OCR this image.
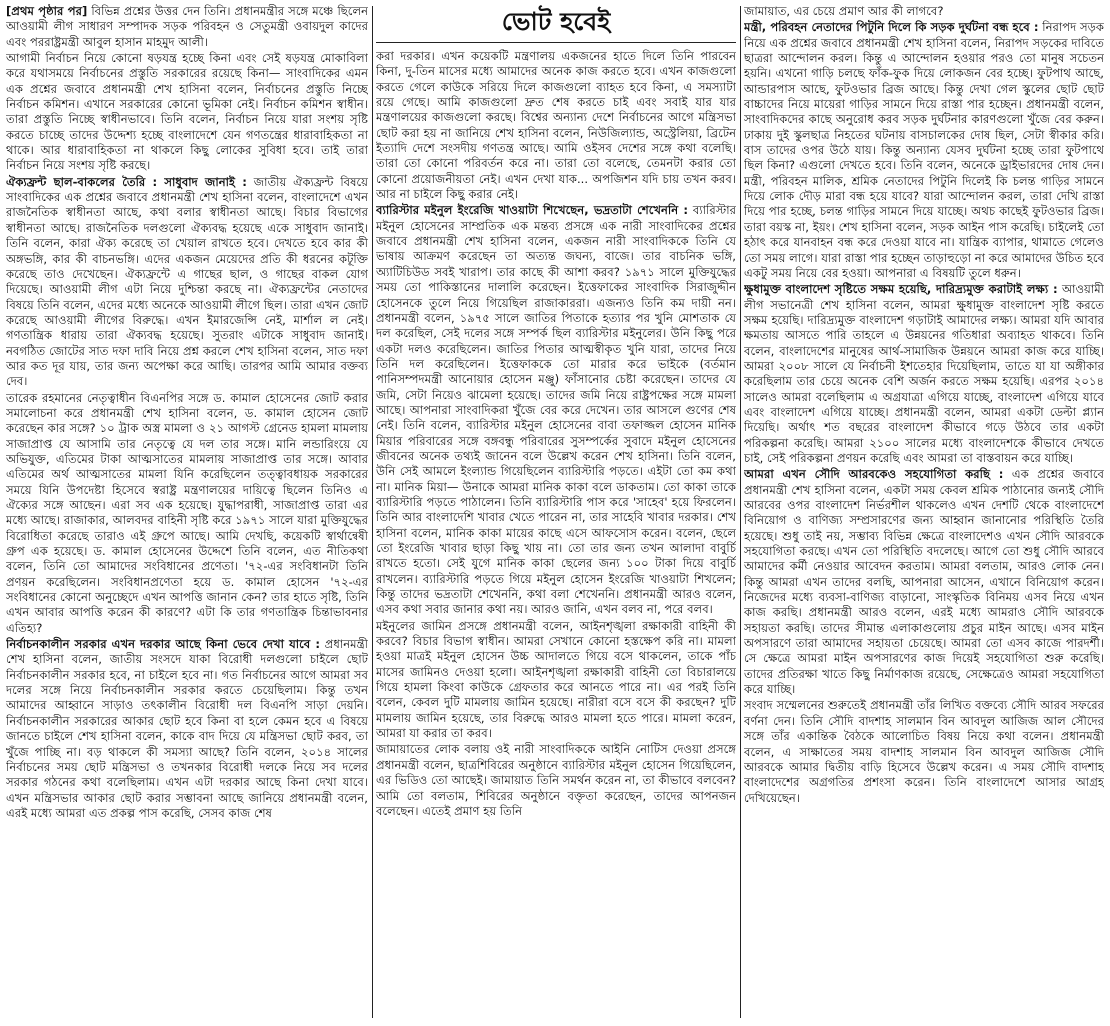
[প্রথম পৃষ্ঠার পর] বিভিন্ন প্রশ্নের উত্তর দেন তিনি। প্রধানমন্ত্রীর সঙ্গে মঞ্চে ছিলেন আওয়ামী লীগ সাধারণ সম্পাদক সড়ক পরিবহন ও সেতুমন্ত্রী ওবায়দুল কাদের এবং পররাষ্ট্রমন্ত্রী আবুল হাসান মাহমুদ আলী।

আগামী নির্বাচন নিয়ে কোনো ষড়যন্ত্র হচ্ছে কিনা এবং সেই ষড়যন্ত্র মোকাবিলা করে যথাসময়ে নির্বাচনের প্রস্তুতি সরকারের রয়েছে কিনা— সাংবাদিকের এমন এক প্রশ্নের জবাবে প্রধানমন্ত্রী শেখ হাসিনা বলেন, নির্বাচনের প্রস্তুতি নিচ্ছে নির্বাচন কমিশন। এখানে সরকারের কোনো ভূমিকা নেই। নির্বাচন কমিশন স্বাধীন। তারা প্রস্তুতি নিচ্ছে স্বাধীনভাবে। তিনি বলেন, নির্বাচন নিয়ে যারা সংশয় সৃষ্টি করতে চাচ্ছে তাদের উদ্দেশ্য হচ্ছে বাংলাদেশে যেন গণতন্ত্রের ধারাবাহিকতা না থাকে। আর ধারাবাহিকতা না থাকলে কিছু লোকের সুবিধা হবে। তাই তারা নির্বাচন নিয়ে সংশয় সৃষ্টি করছে।

ঐক্যফ্রন্ট ছাল-বাকলের তৈরি : সাধুবাদ জানাই : জাতীয় ঐক্যফ্রন্ট বিষয়ে সাংবাদিকের এক প্রশ্নের জবাবে প্রধানমন্ত্রী শেখ হাসিনা বলেন, বাংলাদেশে এখন রাজনৈতিক স্বাধীনতা আছে, কথা বলার স্বাধীনতা আছে। বিচার বিভাগের স্বাধীনতা আছে। রাজনৈতিক দলগুলো ঐক্যবদ্ধ হয়েছে একে সাধুবাদ জানাই। তিনি বলেন, কারা ঐক্য করেছে তা খেয়াল রাখতে হবে। দেখতে হবে কার কী অঙ্গভঙ্গি, কার কী বাচনভঙ্গি। এদের একজন মেয়েদের প্রতি কী ধরনের কটূক্তি করেছে তাও দেখেছেন। ঐক্যফ্রন্টে এ গাছের ছাল, ও গাছের বাকল যোগ দিয়েছে। আওয়ামী লীগ এটা নিয়ে দুশ্চিন্তা করছে না। ঐক্যফ্রন্টের নেতাদের বিষয়ে তিনি বলেন, এদের মধ্যে অনেকে আওয়ামী লীগে ছিল। তারা এখন জোট করেছে আওয়ামী লীগের বিরুদ্ধে। এখন ইমারজেন্সি নেই, মার্শাল ল নেই। গণতান্ত্রিক ধারায় তারা ঐক্যবদ্ধ হয়েছে। সুতরাং এটাকে সাধুবাদ জানাই। নবগঠিত জোটের সাত দফা দাবি নিয়ে প্রশ্ন করলে শেখ হাসিনা বলেন, সাত দফা আর কত দূর যায়, তার জন্য অপেক্ষা করে আছি। তারপর আমি আমার বক্তব্য দেব।

তারেক রহমানের নেতৃত্বাধীন বিএনপির সঙ্গে ড. কামাল হোসেনের জোট করার সমালোচনা করে প্রধানমন্ত্রী শেখ হাসিনা বলেন, ড. কামাল হোসেন জোট করেছেন কার সঙ্গে? ১০ ট্রাক অস্ত্র মামলা ও ২১ আগস্ট গ্রেনেড হামলা মামলায় সাজাপ্রাপ্ত যে আসামি তার নেতৃত্বে যে দল তার সঙ্গে। মানি লন্ডারিংয়ে যে অভিযুক্ত, এতিমের টাকা আত্মসাতের মামলায় সাজাপ্রাপ্ত তার সঙ্গে। আবার এতিমের অর্থ আত্মসাতের মামলা যিনি করেছিলেন তত্ত্বাবধায়ক সরকারের সময়ে যিনি উপদেষ্টা হিসেবে স্বরাষ্ট্র মন্ত্রণালয়ের দায়িত্বে ছিলেন তিনিও এ ঐক্যের সঙ্গে আছেন। এরা সব এক হয়েছে। যুদ্ধাপরাধী, সাজাপ্রাপ্ত তারা এর মধ্যে আছে। রাজাকার, আলবদর বাহিনী সৃষ্টি করে ১৯৭১ সালে যারা মুক্তিযুদ্ধের বিরোধিতা করেছে তারাও এই গ্রুপে আছে। আমি দেখছি, কয়েকটি স্বার্থান্বেষী গ্রুপ এক হয়েছে। ড. কামাল হোসেনের উদ্দেশে তিনি বলেন, এত নীতিকথা বলেন, তিনি তো আমাদের সংবিধানের প্রণেতা। '৭২-এর সংবিধানটা তিনি প্রণয়ন করেছিলেন। সংবিধানপ্রণেতা হয়ে ড. কামাল হোসেন '৭২-এর সংবিধানের কোনো অনুচ্ছেদে এখন আপত্তি জানান কেন? তার হাতে সৃষ্টি, তিনি এখন আবার আপত্তি করেন কী কারণে? এটা কি তার গণতান্ত্রিক চিন্তাভাবনার এতিহ্য?

নির্বাচনকালীন সরকার এখন দরকার আছে কিনা ভেবে দেখা যাবে : প্রধানমন্ত্রী শেখ হাসিনা বলেন, জাতীয় সংসদে যাকা বিরোধী দলগুলো চাইলে ছোট নির্বাচনকালীন সরকার হবে, না চাইলে হবে না। গত নির্বাচনের আগে আমরা সব দলের সঙ্গে নিয়ে নির্বাচনকালীন সরকার করতে চেয়েছিলাম। কিন্তু তখন আমাদের আহ্বানে সাড়াও তৎকালীন বিরোধী দল বিএনপি সাড়া দেয়নি। নির্বাচনকালীন সরকারের আকার ছোট হবে কিনা বা হলে কেমন হবে এ বিষয়ে জানতে চাইলে শেখ হাসিনা বলেন, কাকে বাদ দিয়ে যে মন্ত্রিসভা ছোট করব, তা খুঁজে পাচ্ছি না। বড় থাকলে কী সমস্যা আছে? তিনি বলেন, ২০১৪ সালের নির্বাচনের সময় ছোট মন্ত্রিসভা ও তখনকার বিরোধী দলকে নিয়ে সব দলের সরকার গঠনের কথা বলেছিলাম। এখন এটা দরকার আছে কিনা দেখা যাবে। এখন মন্ত্রিসভার আকার ছোট করার সম্ভাবনা আছে জানিয়ে প্রধানমন্ত্রী বলেন, এরই মধ্যে আমরা এত প্রকল্প পাস করেছি, সেসব কাজ শেষ

ভোট হবেই

করা দরকার। এখন কয়েকটি মন্ত্রণালয় একজনের হাতে দিলে তিনি পারবেন কিনা, দু-তিন মাসের মধ্যে আমাদের অনেক কাজ করতে হবে। এখন কাজগুলো করতে গেলে কাউকে সরিয়ে দিলে কাজগুলো ব্যাহত হবে কিনা, এ সমস্যাটা রয়ে গেছে। আমি কাজগুলো দ্রুত শেষ করতে চাই এবং সবাই যার যার মন্ত্রণালয়ের কাজগুলো করছে। বিশ্বের অন্যান্য দেশে নির্বাচনের আগে মন্ত্রিসভা ছোট করা হয় না জানিয়ে শেখ হাসিনা বলেন, নিউজিল্যান্ড, অস্ট্রেলিয়া, ব্রিটেন ইত্যাদি দেশে সংসদীয় গণতন্ত্র আছে। আমি ওইসব দেশের সঙ্গে কথা বলেছি। তারা তো কোনো পরিবর্তন করে না। তারা তো বলেছে, তেমনটা করার তো কোনো প্রয়োজনীয়তা নেই। এখন দেখা যাক... অপজিশন যদি চায় তখন করব। আর না চাইলে কিছু করার নেই।

ব্যারিস্টার মইনুল ইংরেজি খাওয়াটা শিখেছেন, ভদ্রতাটা শেখেননি : ব্যারিস্টার মইনুল হোসেনের সাম্প্রতিক এক মন্তব্য প্রসঙ্গে এক নারী সাংবাদিকের প্রশ্নের জবাবে প্রধানমন্ত্রী শেখ হাসিনা বলেন, একজন নারী সাংবাদিককে তিনি যে ভাষায় আক্রমণ করেছেন তা অত্যন্ত জঘন্য, বাজে। তার বাচনিক ভঙ্গি, অ্যাটিচিউড সবই খারাপ। তার কাছে কী আশা করব? ১৯৭১ সালে মুক্তিযুদ্ধের সময় তো পাকিস্তানের দালালি করেছেন। ইত্তেফাকের সাংবাদিক সিরাজুদ্দীন হোসেনকে তুলে নিয়ে গিয়েছিল রাজাকাররা। এজন্যও তিনি কম দায়ী নন। প্রধানমন্ত্রী বলেন, ১৯৭৫ সালে জাতির পিতাকে হত্যার পর খুনি মোশতাক যে দল করেছিল, সেই দলের সঙ্গে সম্পর্ক ছিল ব্যারিস্টার মইনুলের। উনি কিছু পরে একটা দলও করেছিলেন। জাতির পিতার আত্মস্বীকৃত খুনি যারা, তাদের নিয়ে তিনি দল করেছিলেন। ইত্তেফাককে তো মারার করে ভাইকে (বর্তমান পানিসম্পদমন্ত্রী আনোয়ার হোসেন মঞ্জু) ফাঁসানোর চেষ্টা করেছেন। তাদের যে জমি, সেটা নিয়েও ঝামেলা হয়েছে। তাদের জমি নিয়ে রাষ্ট্রপক্ষের সঙ্গে মামলা আছে। আপনারা সাংবাদিকরা খুঁজে বের করে দেখেন। তার আসলে গুণের শেষ নেই। তিনি বলেন, ব্যারিস্টার মইনুল হোসেনের বাবা তফাজ্জল হোসেন মানিক মিয়ার পরিবারের সঙ্গে বঙ্গবন্ধু পরিবারের সুসম্পর্কের সুবাদে মইনুল হোসেনের জীবনের অনেক তথ্যই জানেন বলে উল্লেখ করেন শেখ হাসিনা। তিনি বলেন, উনি সেই আমলে ইংল্যান্ড গিয়েছিলেন ব্যারিস্টারি পড়তে। এইটা তো কম কথা না। মানিক মিয়া— উনাকে আমরা মানিক কাকা বলে ডাকতাম। তো কাকা তাকে ব্যারিস্টারি পড়তে পাঠালেন। তিনি ব্যারিস্টারি পাস করে 'সাহেব' হয়ে ফিরলেন। তিনি আর বাংলাদেশি খাবার খেতে পারেন না, তার সাহেবি খাবার দরকার। শেখ হাসিনা বলেন, মানিক কাকা মায়ের কাছে এসে আফসোস করেন। বলেন, ছেলে তো ইংরেজি খাবার ছাড়া কিছু খায় না। তো তার জন্য তখন আলাদা বাবুর্চি রাখতে হতো। সেই যুগে মানিক কাকা ছেলের জন্য ১০০ টাকা দিয়ে বাবুর্চি রাখলেন। ব্যারিস্টারি পড়তে গিয়ে মইনুল হোসেন ইংরেজি খাওয়াটা শিখলেন; কিন্তু তাদের ভদ্রতাটা শেখেননি, কথা বলা শেখেননি। প্রধানমন্ত্রী আরও বলেন, এসব কথা সবার জানার কথা নয়। আরও জানি, এখন বলব না, পরে বলব।

মইনুলের জামিন প্রসঙ্গে প্রধানমন্ত্রী বলেন, আইনশৃঙ্খলা রক্ষাকারী বাহিনী কী করবে? বিচার বিভাগ স্বাধীন। আমরা সেখানে কোনো হস্তক্ষেপ করি না। মামলা হওয়া মাত্রই মইনুল হোসেন উচ্চ আদালতে গিয়ে বসে থাকলেন, তাকে পাঁচ মাসের জামিনও দেওয়া হলো। আইনশৃঙ্খলা রক্ষাকারী বাহিনী তো বিচারালয়ে গিয়ে হামলা কিংবা কাউকে গ্রেফতার করে আনতে পারে না। এর পরই তিনি বলেন, কেবল দুটি মামলায় জামিন হয়েছে। নারীরা বসে বসে কী করছেন? দুটি মামলায় জামিন হয়েছে, তার বিরুদ্ধে আরও মামলা হতে পারে। মামলা করেন, আমরা যা করার তা করব।

জামায়াতের লোক বলায় ওই নারী সাংবাদিককে আইনি নোটিস দেওয়া প্রসঙ্গে প্রধানমন্ত্রী বলেন, ছাত্রশিবিরের অনুষ্ঠানে ব্যারিস্টার মইনুল হোসেন গিয়েছিলেন, এর ভিডিও তো আছেই। জামায়াত তিনি সমর্থন করেন না, তা কীভাবে বলবেন? আমি তো বলতাম, শিবিরের অনুষ্ঠানে বক্তৃতা করেছেন, তাদের আপনজন বলেছেন। এতেই প্রমাণ হয় তিনি

জামায়াত, এর চেয়ে প্রমাণ আর কী লাগবে?

মন্ত্রী, পরিবহন নেতাদের পিটুনি দিলে কি সড়ক দুর্ঘটনা বন্ধ হবে : নিরাপদ সড়ক নিয়ে এক প্রশ্নের জবাবে প্রধানমন্ত্রী শেখ হাসিনা বলেন, নিরাপদ সড়কের দাবিতে ছাত্ররা আন্দোলন করল। কিন্তু এ আন্দোলন হওয়ার পরও তো মানুষ সচেতন হয়নি। এখনো গাড়ি চলছে ফাঁক-ফুক দিয়ে লোকজন বের হচ্ছে। ফুটপাথ আছে, আন্ডারপাস আছে, ফুটওভার ব্রিজ আছে। কিন্তু দেখা গেল স্কুলের ছোট ছোট বাচ্চাদের নিয়ে মায়েরা গাড়ির সামনে দিয়ে রাস্তা পার হচ্ছেন। প্রধানমন্ত্রী বলেন, সাংবাদিকদের কাছে অনুরোধ করব সড়ক দুর্ঘটনার কারণগুলো খুঁজে বের করুন। ঢাকায় দুই স্কুলছাত্র নিহতের ঘটনায় বাসচালকের দোষ ছিল, সেটা স্বীকার করি। বাস তাদের ওপর উঠে যায়। কিন্তু অন্যান্য যেসব দুর্ঘটনা হচ্ছে তারা ফুটপাথে ছিল কিনা? এগুলো দেখতে হবে। তিনি বলেন, অনেকে ড্রাইভারদের দোষ দেন। মন্ত্রী, পরিবহন মালিক, শ্রমিক নেতাদের পিটুনি দিলেই কি চলন্ত গাড়ির সামনে দিয়ে লোক দৌড় মারা বন্ধ হয়ে যাবে? যারা আন্দোলন করল, তারা দেখি রাস্তা দিয়ে পার হচ্ছে, চলন্ত গাড়ির সামনে দিয়ে যাচ্ছে। অথচ কাছেই ফুটওভার ব্রিজ। তারা বয়স্ক না, ইয়ং। শেখ হাসিনা বলেন, সড়ক আইন পাস করেছি। চাইলেই তো হঠাৎ করে যানবাহন বন্ধ করে দেওয়া যাবে না। যান্ত্রিক ব্যাপার, থামাতে গেলেও তো সময় লাগে। যারা রাস্তা পার হচ্ছেন তাড়াহুড়ো না করে আমাদের উচিত হবে একটু সময় নিয়ে বের হওয়া। আপনারা এ বিষয়টি তুলে ধরুন।

ক্ষুধামুক্ত বাংলাদেশ সৃষ্টিতে সক্ষম হয়েছি, দারিদ্র্যমুক্ত করাটাই লক্ষ্য : আওয়ামী লীগ সভানেত্রী শেখ হাসিনা বলেন, আমরা ক্ষুধামুক্ত বাংলাদেশ সৃষ্টি করতে সক্ষম হয়েছি। দারিদ্র্যমুক্ত বাংলাদেশ গড়াটাই আমাদের লক্ষ্য। আমরা যদি আবার ক্ষমতায় আসতে পারি তাহলে এ উন্নয়নের গতিধারা অব্যাহত থাকবে। তিনি বলেন, বাংলাদেশের মানুষের আর্থ-সামাজিক উন্নয়নে আমরা কাজ করে যাচ্ছি। আমরা ২০০৮ সালে যে নির্বাচনী ইশতেহার দিয়েছিলাম, তাতে যা যা অঙ্গীকার করেছিলাম তার চেয়ে অনেক বেশি অর্জন করতে সক্ষম হয়েছি। এরপর ২০১৪ সালেও আমরা বলেছিলাম এ অগ্রযাত্রা এগিয়ে যাচ্ছে, বাংলাদেশ এগিয়ে যাবে এবং বাংলাদেশ এগিয়ে যাচ্ছে। প্রধানমন্ত্রী বলেন, আমরা একটা ডেল্টা প্ল্যান দিয়েছি। অর্থাৎ শত বছরের বাংলাদেশ কীভাবে গড়ে উঠবে তার একটা পরিকল্পনা করেছি। আমরা ২১০০ সালের মধ্যে বাংলাদেশকে কীভাবে দেখতে চাই, সেই পরিকল্পনা প্রণয়ন করেছি এবং আমরা তা বাস্তবায়ন করে যাচ্ছি।

আমরা এখন সৌদি আরবকেও সহযোগিতা করছি : এক প্রশ্নের জবাবে প্রধানমন্ত্রী শেখ হাসিনা বলেন, একটা সময় কেবল শ্রমিক পাঠানোর জন্যই সৌদি আরবের ওপর বাংলাদেশ নির্ভরশীল থাকলেও এখন দেশটি থেকে বাংলাদেশে বিনিয়োগ ও বাণিজ্য সম্প্রসারণের জন্য আহ্বান জানানোর পরিস্থিতি তৈরি হয়েছে। শুধু তাই নয়, সম্ভাব্য বিভিন্ন ক্ষেত্রে বাংলাদেশও এখন সৌদি আরবকে সহযোগিতা করছে। এখন তো পরিস্থিতি বদলেছে। আগে তো শুধু সৌদি আরবে আমাদের কর্মী নেওয়ার আবেদন করতাম। আমরা বলতাম, আরও লোক নেন। কিন্তু আমরা এখন তাদের বলছি, আপনারা আসেন, এখানে বিনিয়োগ করেন। নিজেদের মধ্যে ব্যবসা-বাণিজ্য বাড়ানো, সাংস্কৃতিক বিনিময় এসব নিয়ে এখন কাজ করছি। প্রধানমন্ত্রী আরও বলেন, এরই মধ্যে আমরাও সৌদি আরবকে সহায়তা করছি। তাদের সীমান্ত এলাকাগুলোয় প্রচুর মাইন আছে। এসব মাইন অপসারণে তারা আমাদের সহায়তা চেয়েছে। আমরা তো এসব কাজে পারদর্শী। সে ক্ষেত্রে আমরা মাইন অপসারণের কাজ দিয়েই সহযোগিতা শুরু করেছি। তাদের প্রতিরক্ষা খাতে কিছু নির্মাণকাজ রয়েছে, সেক্ষেত্রেও আমরা সহযোগিতা করে যাচ্ছি।

সংবাদ সম্মেলনের শুরুতেই প্রধানমন্ত্রী তাঁর লিখিত বক্তব্যে সৌদি আরব সফরের বর্ণনা দেন। তিনি সৌদি বাদশাহ সালমান বিন আবদুল আজিজ আল সৌদের সঙ্গে তাঁর একান্তিক বৈঠকে আলোচিত বিষয় নিয়ে কথা বলেন। প্রধানমন্ত্রী বলেন, এ সাক্ষাতের সময় বাদশাহ সালমান বিন আবদুল আজিজ সৌদি আরবকে আমার দ্বিতীয় বাড়ি হিসেবে উল্লেখ করেন। এ সময় সৌদি বাদশাহ বাংলাদেশের অগ্রগতির প্রশংসা করেন। তিনি বাংলাদেশে আসার আগ্রহ দেখিয়েছেন।
